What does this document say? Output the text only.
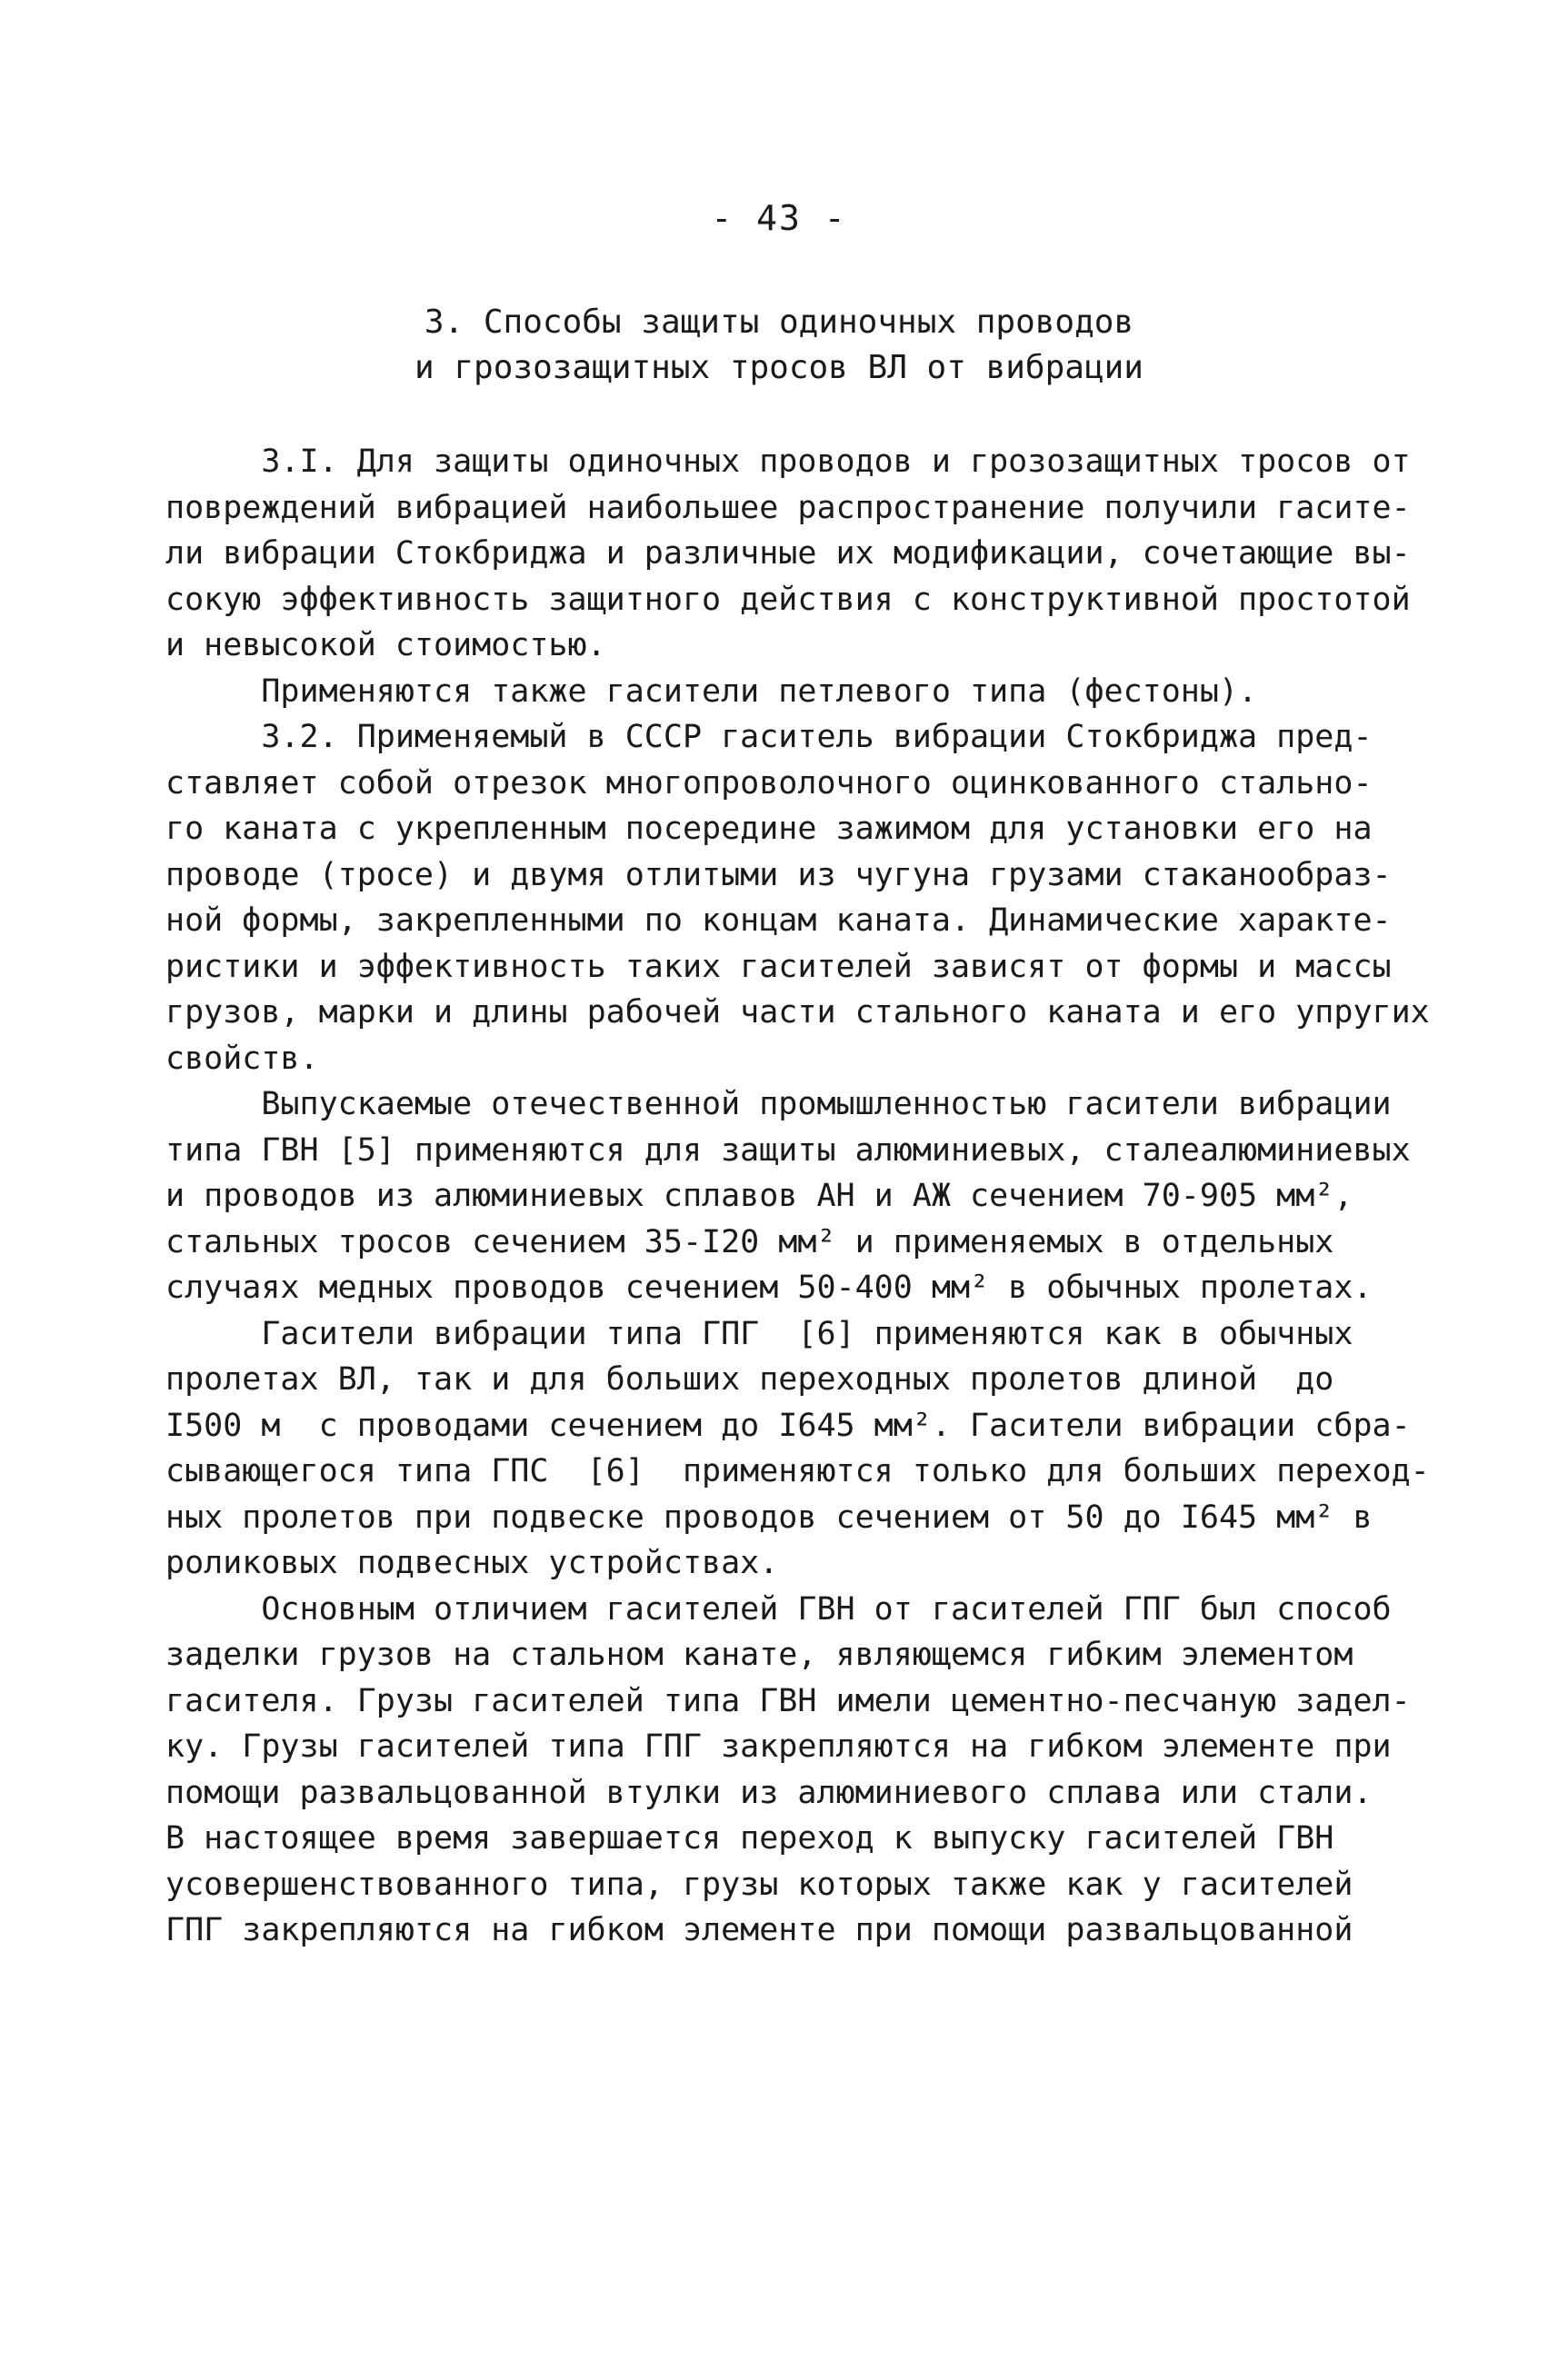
- 43 -
3. Способы защиты одиночных проводов
и грозозащитных тросов ВЛ от вибрации
3.I. Для защиты одиночных проводов и грозозащитных тросов от
повреждений вибрацией наибольшее распространение получили гасите-
ли вибрации Стокбриджа и различные их модификации, сочетающие вы-
сокую эффективность защитного действия с конструктивной простотой
и невысокой стоимостью.
Применяются также гасители петлевого типа (фестоны).
3.2. Применяемый в СССР гаситель вибрации Стокбриджа пред-
ставляет собой отрезок многопроволочного оцинкованного стально-
го каната с укрепленным посередине зажимом для установки его на
проводе (тросе) и двумя отлитыми из чугуна грузами стаканообраз-
ной формы, закрепленными по концам каната. Динамические характе-
ристики и эффективность таких гасителей зависят от формы и массы
грузов, марки и длины рабочей части стального каната и его упругих
свойств.
Выпускаемые отечественной промышленностью гасители вибрации
типа ГВН [5] применяются для защиты алюминиевых, сталеалюминиевых
и проводов из алюминиевых сплавов АН и АЖ сечением 70-905 мм²,
стальных тросов сечением 35-I20 мм² и применяемых в отдельных
случаях медных проводов сечением 50-400 мм² в обычных пролетах.
Гасители вибрации типа ГПГ  [6] применяются как в обычных
пролетах ВЛ, так и для больших переходных пролетов длиной  до
I500 м  с проводами сечением до I645 мм². Гасители вибрации сбра-
сывающегося типа ГПС  [6]  применяются только для больших переход-
ных пролетов при подвеске проводов сечением от 50 до I645 мм² в
роликовых подвесных устройствах.
Основным отличием гасителей ГВН от гасителей ГПГ был способ
заделки грузов на стальном канате, являющемся гибким элементом
гасителя. Грузы гасителей типа ГВН имели цементно-песчаную задел-
ку. Грузы гасителей типа ГПГ закрепляются на гибком элементе при
помощи развальцованной втулки из алюминиевого сплава или стали.
В настоящее время завершается переход к выпуску гасителей ГВН
усовершенствованного типа, грузы которых также как у гасителей
ГПГ закрепляются на гибком элементе при помощи развальцованной
